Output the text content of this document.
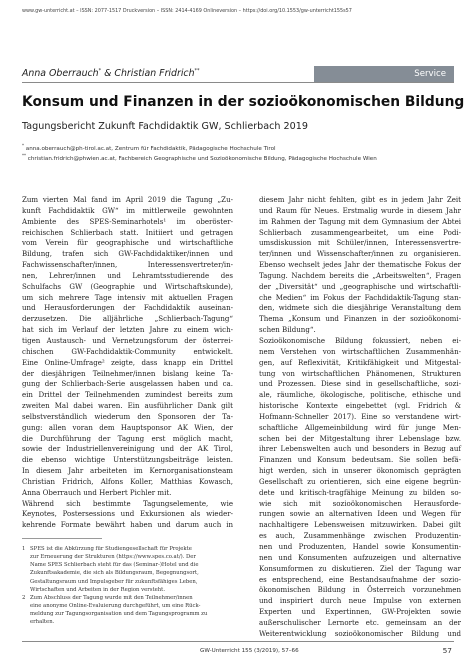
www.gw-unterricht.at – ISSN: 2077-1517 Druckversion – ISSN: 2414-4169 Onlineversion – https://doi.org/10.1553/gw-unterricht155s57
Anna Oberrauch* & Christian Fridrich**	Service
Konsum und Finanzen in der sozioökonomischen Bildung
Tagungsbericht Zukunft Fachdidaktik GW, Schlierbach 2019
* anna.oberrauch@ph-tirol.ac.at, Zentrum für Fachdidaktik, Pädagogische Hochschule Tirol
** christian.fridrich@phwien.ac.at, Fachbereich Geographische und Sozioökonomische Bildung, Pädagogische Hochschule Wien
Zum vierten Mal fand im April 2019 die Tagung „Zu-
kunft Fachdidaktik GW“ im mittlerweile gewohnten
Ambiente des SPES-Seminarhotels¹ im oberöster-
reichischen Schlierbach statt. Initiiert und getragen
vom Verein für geographische und wirtschaftliche
Bildung, trafen sich GW-Fachdidaktiker/innen und
Fachwissenschafter/innen, Interessensvertreter/in-
nen, Lehrer/innen und Lehramtsstudierende des
Schulfachs GW (Geographie und Wirtschaftskunde),
um sich mehrere Tage intensiv mit aktuellen Fragen
und Herausforderungen der Fachdidaktik auseinan-
derzusetzen. Die alljährliche „Schlierbach-Tagung“
hat sich im Verlauf der letzten Jahre zu einem wich-
tigen Austausch- und Vernetzungsforum der österrei-
chischen GW-Fachdidaktik-Community entwickelt.
Eine Online-Umfrage² zeigte, dass knapp ein Drittel
der diesjährigen Teilnehmer/innen bislang keine Ta-
gung der Schlierbach-Serie ausgelassen haben und ca.
ein Drittel der Teilnehmenden zumindest bereits zum
zweiten Mal dabei waren. Ein ausführlicher Dank gilt
selbstverständlich wiederum den Sponsoren der Ta-
gung: allen voran dem Hauptsponsor AK Wien, der
die Durchführung der Tagung erst möglich macht,
sowie der Industriellenvereinigung und der AK Tirol,
die ebenso wichtige Unterstützungsbeiträge leisten.
In diesem Jahr arbeiteten im Kernorganisationsteam
Christian Fridrich, Alfons Koller, Matthias Kowasch,
Anna Oberrauch und Herbert Pichler mit.
Während sich bestimmte Tagungselemente, wie
Keynotes, Postersessions und Exkursionen als wieder-
kehrende Formate bewährt haben und darum auch in
diesem Jahr nicht fehlten, gibt es in jedem Jahr Zeit
und Raum für Neues. Erstmalig wurde in diesem Jahr
im Rahmen der Tagung mit dem Gymnasium der Abtei
Schlierbach zusammengearbeitet, um eine Podi-
umsdiskussion mit Schüler/innen, Interessensvertre-
ter/innen und Wissenschafter/innen zu organisieren.
Ebenso wechselt jedes Jahr der thematische Fokus der
Tagung. Nachdem bereits die „Arbeitswelten“, Fragen
der „Diversität“ und „geographische und wirtschaftli-
che Medien“ im Fokus der Fachdidaktik-Tagung stan-
den, widmete sich die diesjährige Veranstaltung dem
Thema „Konsum und Finanzen in der sozioökonomi-
schen Bildung“.
Sozioökonomische Bildung fokussiert, neben ei-
nem Verstehen von wirtschaftlichen Zusammenhän-
gen, auf Reflexivität, Kritikfähigkeit und Mitgestal-
tung von wirtschaftlichen Phänomenen, Strukturen
und Prozessen. Diese sind in gesellschaftliche, sozi-
ale, räumliche, ökologische, politische, ethische und
historische Kontexte eingebettet (vgl. Fridrich &
Hofmann-Schneller 2017). Eine so verstandene wirt-
schaftliche Allgemeinbildung wird für junge Men-
schen bei der Mitgestaltung ihrer Lebenslage bzw.
ihrer Lebenswelten auch und besonders in Bezug auf
Finanzen und Konsum bedeutsam. Sie sollen befä-
higt werden, sich in unserer ökonomisch geprägten
Gesellschaft zu orientieren, sich eine eigene begrün-
dete und kritisch-tragfähige Meinung zu bilden so-
wie sich mit sozioökonomischen Herausforde-
rungen sowie an alternativen Ideen und Wegen für
nachhaltigere Lebensweisen mitzuwirken. Dabei gilt
es auch, Zusammenhänge zwischen Produzentin-
nen und Produzenten, Handel sowie Konsumentin-
nen und Konsumenten aufzuzeigen und alternative
Konsumformen zu diskutieren. Ziel der Tagung war
es entsprechend, eine Bestandsaufnahme der sozio-
ökonomischen Bildung in Österreich vorzunehmen
und inspiriert durch neue Impulse von externen
Experten und Expertinnen, GW-Projekten sowie
außerschulischer Lernorte etc. gemeinsam an der
Weiterentwicklung sozioökonomischer Bildung und
1 SPES ist die Abkürzung für Studiengesellschaft für Projekte
zur Erneuerung der Strukturen (https://www.spes.co.at/). Der
Name SPES Schlierbach steht für das (Seminar-)Hotel und die
Zukunftsakademie, die sich als Bildungsraum, Begegnungsort,
Gestaltungsraum und Impulsgeber für zukunftsfähiges Leben,
Wirtschaften und Arbeiten in der Region versteht.
2 Zum Abschluss der Tagung wurde mit den Teilnehmer/innen
eine anonyme Online-Evaluierung durchgeführt, um eine Rück-
meldung zur Tagungsorganisation und dem Tagungsprogramm zu
erhalten.
GW-Unterricht 155 (3/2019), 57–66	57
